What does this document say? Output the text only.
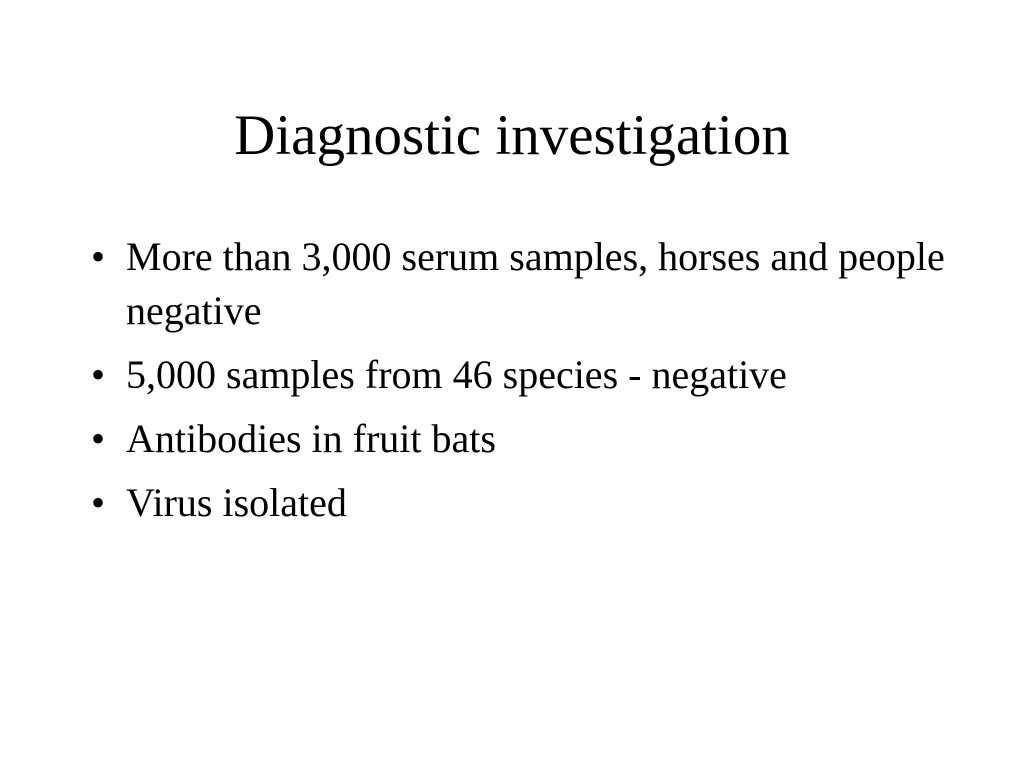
Diagnostic investigation
• More than 3,000 serum samples, horses and people negative
• 5,000 samples from 46 species - negative
• Antibodies in fruit bats
• Virus isolated
